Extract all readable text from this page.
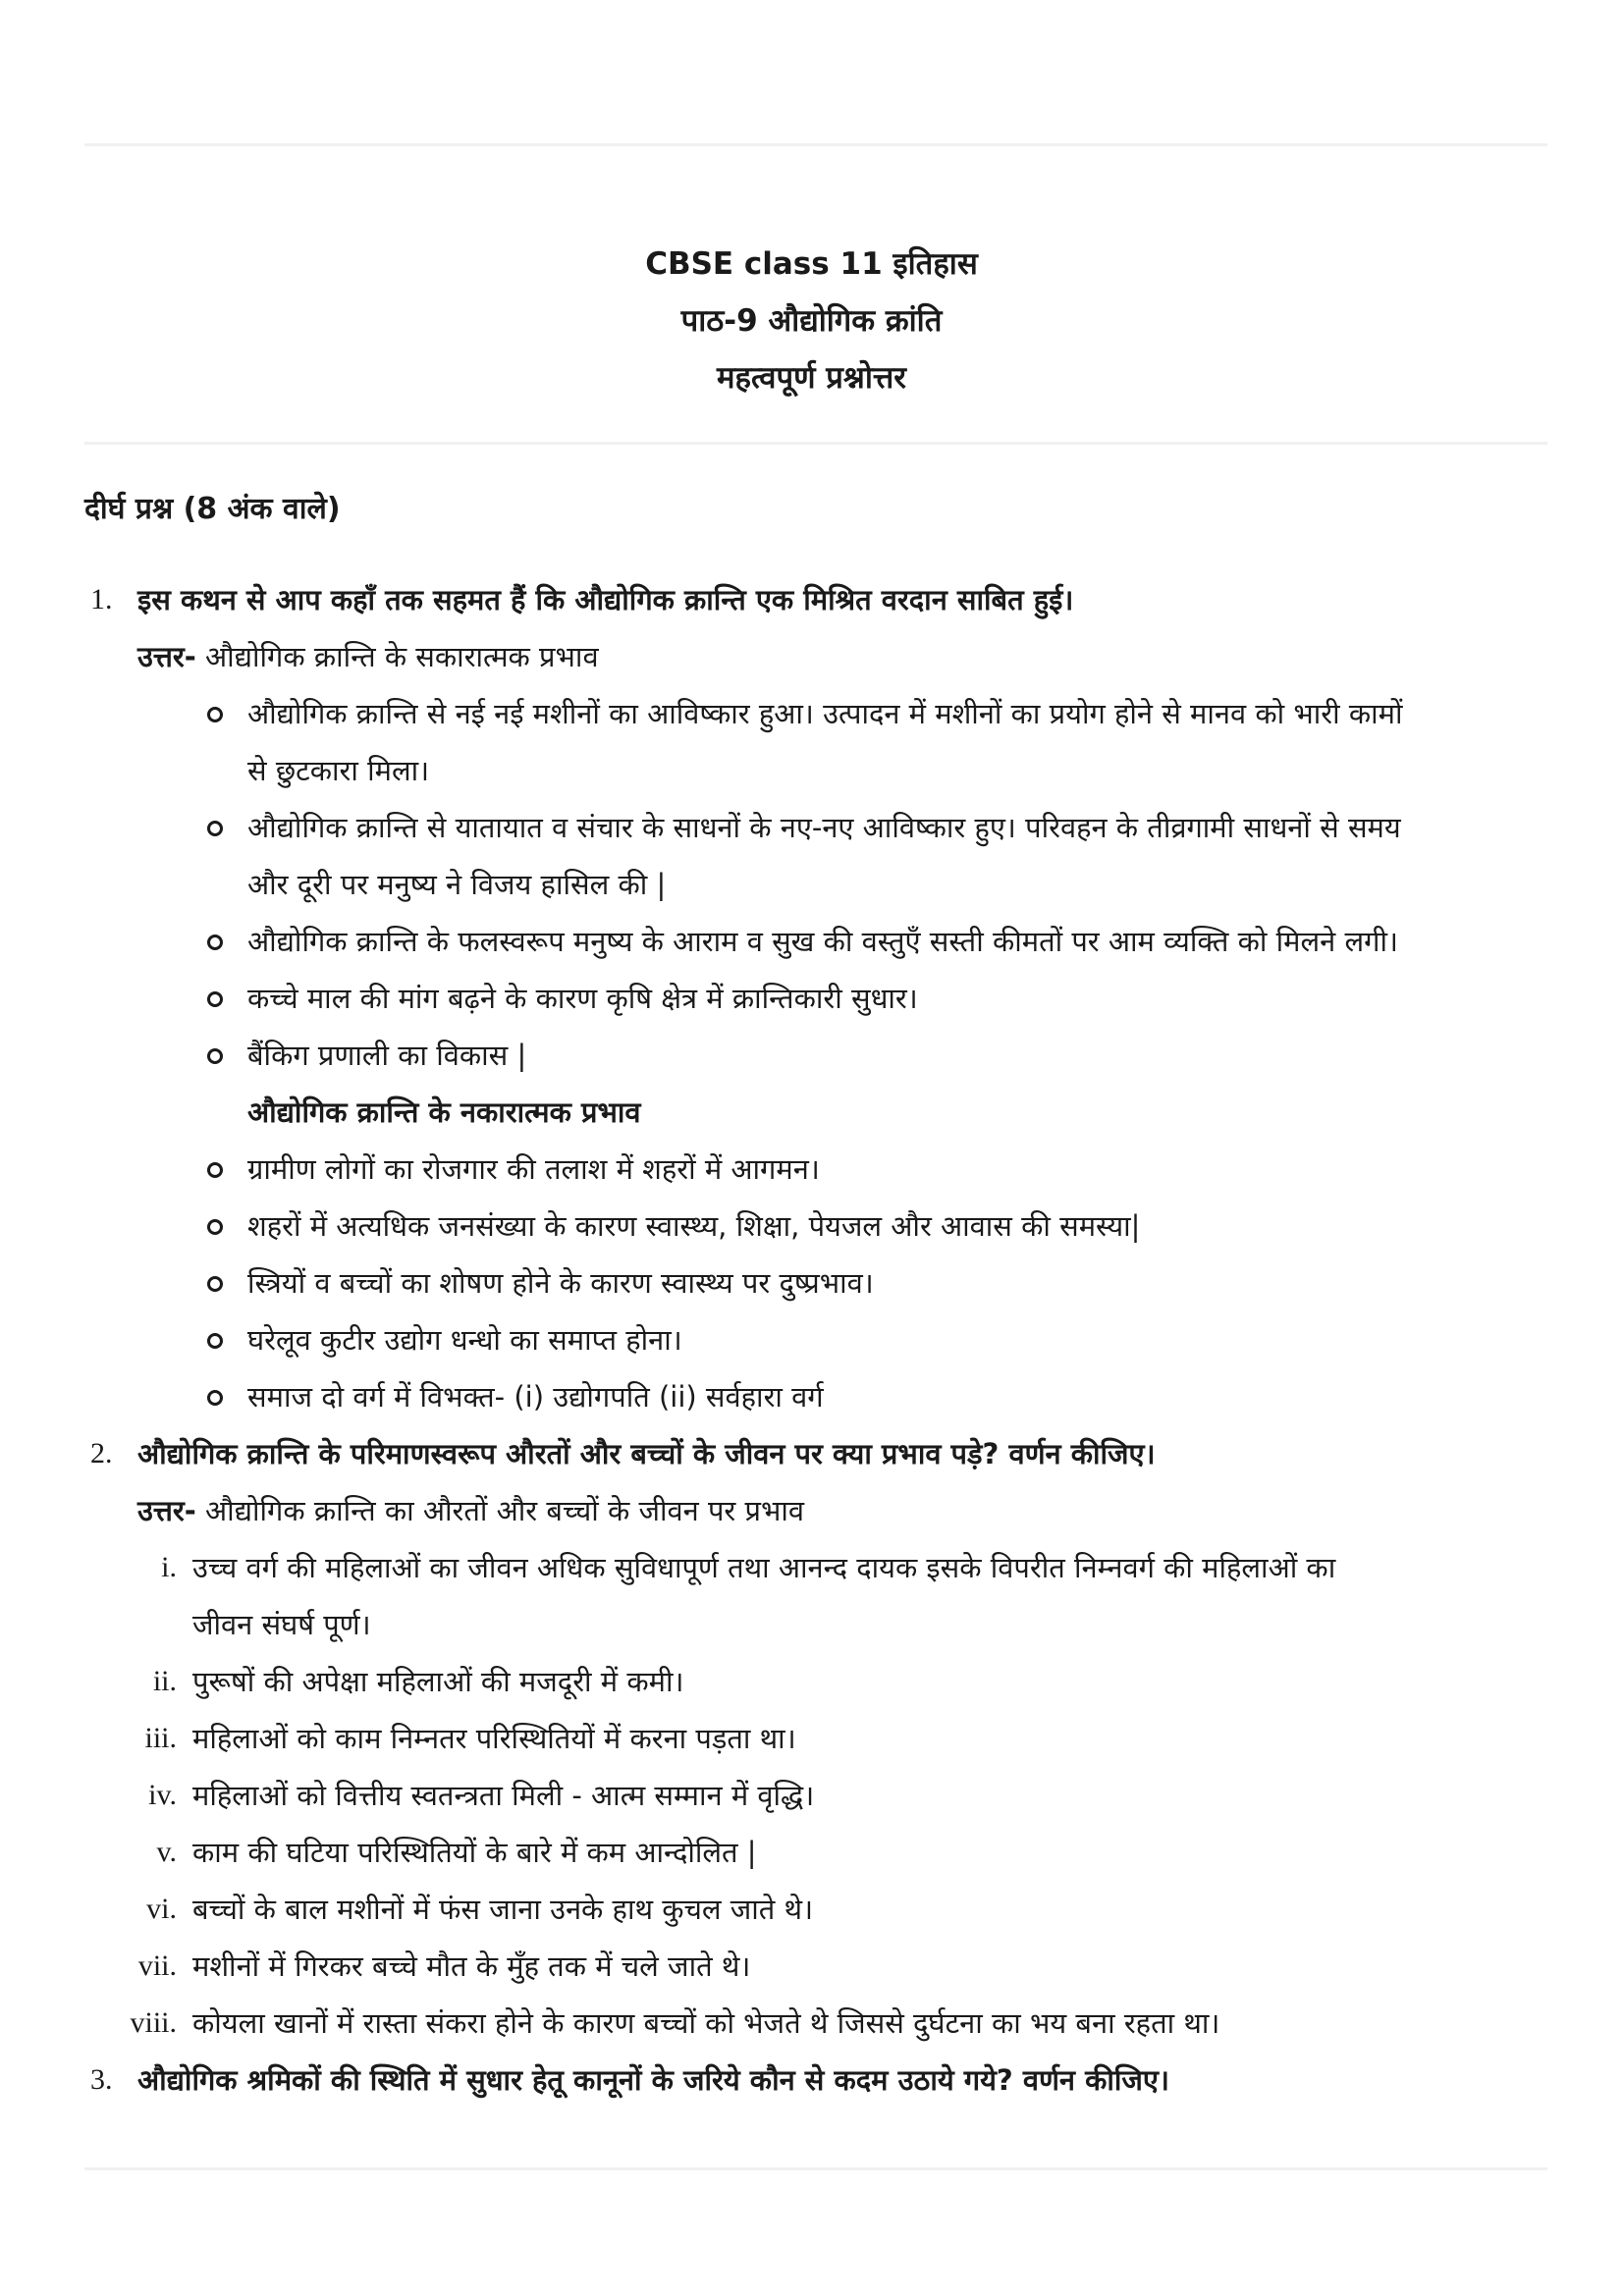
CBSE class 11 इतिहास
पाठ-9 औद्योगिक क्रांति
महत्वपूर्ण प्रश्नोत्तर
दीर्घ प्रश्न (8 अंक वाले)
1. इस कथन से आप कहाँ तक सहमत हैं कि औद्योगिक क्रान्ति एक मिश्रित वरदान साबित हुई।
उत्तर- औद्योगिक क्रान्ति के सकारात्मक प्रभाव
औद्योगिक क्रान्ति से नई नई मशीनों का आविष्कार हुआ। उत्पादन में मशीनों का प्रयोग होने से मानव को भारी कामों
से छुटकारा मिला।
औद्योगिक क्रान्ति से यातायात व संचार के साधनों के नए-नए आविष्कार हुए। परिवहन के तीव्रगामी साधनों से समय
और दूरी पर मनुष्य ने विजय हासिल की |
औद्योगिक क्रान्ति के फलस्वरूप मनुष्य के आराम व सुख की वस्तुएँ सस्ती कीमतों पर आम व्यक्ति को मिलने लगी।
कच्चे माल की मांग बढ़ने के कारण कृषि क्षेत्र में क्रान्तिकारी सुधार।
बैंकिग प्रणाली का विकास |
औद्योगिक क्रान्ति के नकारात्मक प्रभाव
ग्रामीण लोगों का रोजगार की तलाश में शहरों में आगमन।
शहरों में अत्यधिक जनसंख्या के कारण स्वास्थ्य, शिक्षा, पेयजल और आवास की समस्या|
स्त्रियों व बच्चों का शोषण होने के कारण स्वास्थ्य पर दुष्प्रभाव।
घरेलूव कुटीर उद्योग धन्धो का समाप्त होना।
समाज दो वर्ग में विभक्त- (i) उद्योगपति (ii) सर्वहारा वर्ग
2. औद्योगिक क्रान्ति के परिमाणस्वरूप औरतों और बच्चों के जीवन पर क्या प्रभाव पड़े? वर्णन कीजिए।
उत्तर- औद्योगिक क्रान्ति का औरतों और बच्चों के जीवन पर प्रभाव
i. उच्च वर्ग की महिलाओं का जीवन अधिक सुविधापूर्ण तथा आनन्द दायक इसके विपरीत निम्नवर्ग की महिलाओं का
जीवन संघर्ष पूर्ण।
ii. पुरूषों की अपेक्षा महिलाओं की मजदूरी में कमी।
iii. महिलाओं को काम निम्नतर परिस्थितियों में करना पड़ता था।
iv. महिलाओं को वित्तीय स्वतन्त्रता मिली - आत्म सम्मान में वृद्धि।
v. काम की घटिया परिस्थितियों के बारे में कम आन्दोलित |
vi. बच्चों के बाल मशीनों में फंस जाना उनके हाथ कुचल जाते थे।
vii. मशीनों में गिरकर बच्चे मौत के मुँह तक में चले जाते थे।
viii. कोयला खानों में रास्ता संकरा होने के कारण बच्चों को भेजते थे जिससे दुर्घटना का भय बना रहता था।
3. औद्योगिक श्रमिकों की स्थिति में सुधार हेतू कानूनों के जरिये कौन से कदम उठाये गये? वर्णन कीजिए।
